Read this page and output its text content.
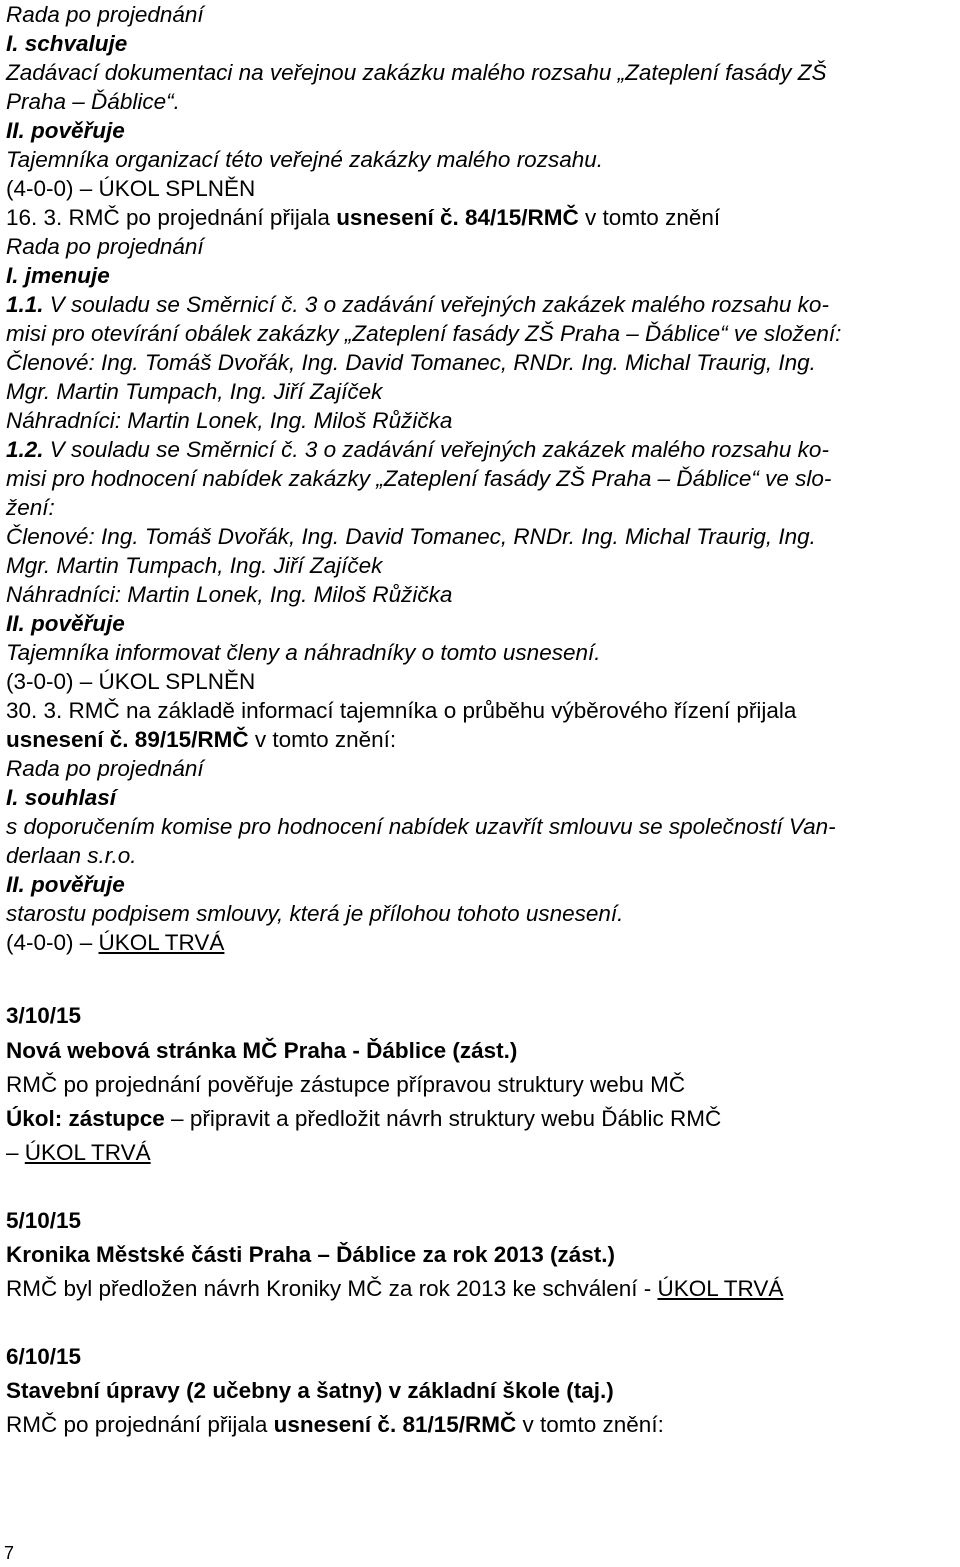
Rada po projednání
I. schvaluje
Zadávací dokumentaci na veřejnou zakázku malého rozsahu „Zateplení fasády ZŠ
Praha – Ďáblice“.
II. pověřuje
Tajemníka organizací této veřejné zakázky malého rozsahu.
(4-0-0) – ÚKOL SPLNĚN
16. 3. RMČ po projednání přijala usnesení č. 84/15/RMČ v tomto znění
Rada po projednání
I. jmenuje
1.1. V souladu se Směrnicí č. 3 o zadávání veřejných zakázek malého rozsahu ko-
misi pro otevírání obálek zakázky „Zateplení fasády ZŠ Praha – Ďáblice“ ve složení:
Členové: Ing. Tomáš Dvořák, Ing. David Tomanec, RNDr. Ing. Michal Traurig, Ing.
Mgr. Martin Tumpach, Ing. Jiří Zajíček
Náhradníci: Martin Lonek, Ing. Miloš Růžička
1.2. V souladu se Směrnicí č. 3 o zadávání veřejných zakázek malého rozsahu ko-
misi pro hodnocení nabídek zakázky „Zateplení fasády ZŠ Praha – Ďáblice“ ve slo-
žení:
Členové: Ing. Tomáš Dvořák, Ing. David Tomanec, RNDr. Ing. Michal Traurig, Ing.
Mgr. Martin Tumpach, Ing. Jiří Zajíček
Náhradníci: Martin Lonek, Ing. Miloš Růžička
II. pověřuje
Tajemníka informovat členy a náhradníky o tomto usnesení.
(3-0-0) – ÚKOL SPLNĚN
30. 3. RMČ na základě informací tajemníka o průběhu výběrového řízení přijala
usnesení č. 89/15/RMČ v tomto znění:
Rada po projednání
I. souhlasí
s doporučením komise pro hodnocení nabídek uzavřít smlouvu se společností Van-
derlaan s.r.o.
II. pověřuje
starostu podpisem smlouvy, která je přílohou tohoto usnesení.
(4-0-0) – ÚKOL TRVÁ
3/10/15
Nová webová stránka MČ Praha - Ďáblice (zást.)
RMČ po projednání pověřuje zástupce přípravou struktury webu MČ
Úkol: zástupce – připravit a předložit návrh struktury webu Ďáblic RMČ
– ÚKOL TRVÁ
5/10/15
Kronika Městské části Praha – Ďáblice za rok 2013 (zást.)
RMČ byl předložen návrh Kroniky MČ za rok 2013 ke schválení - ÚKOL TRVÁ
6/10/15
Stavební úpravy (2 učebny a šatny) v základní škole (taj.)
RMČ po projednání přijala usnesení č. 81/15/RMČ v tomto znění:
7
